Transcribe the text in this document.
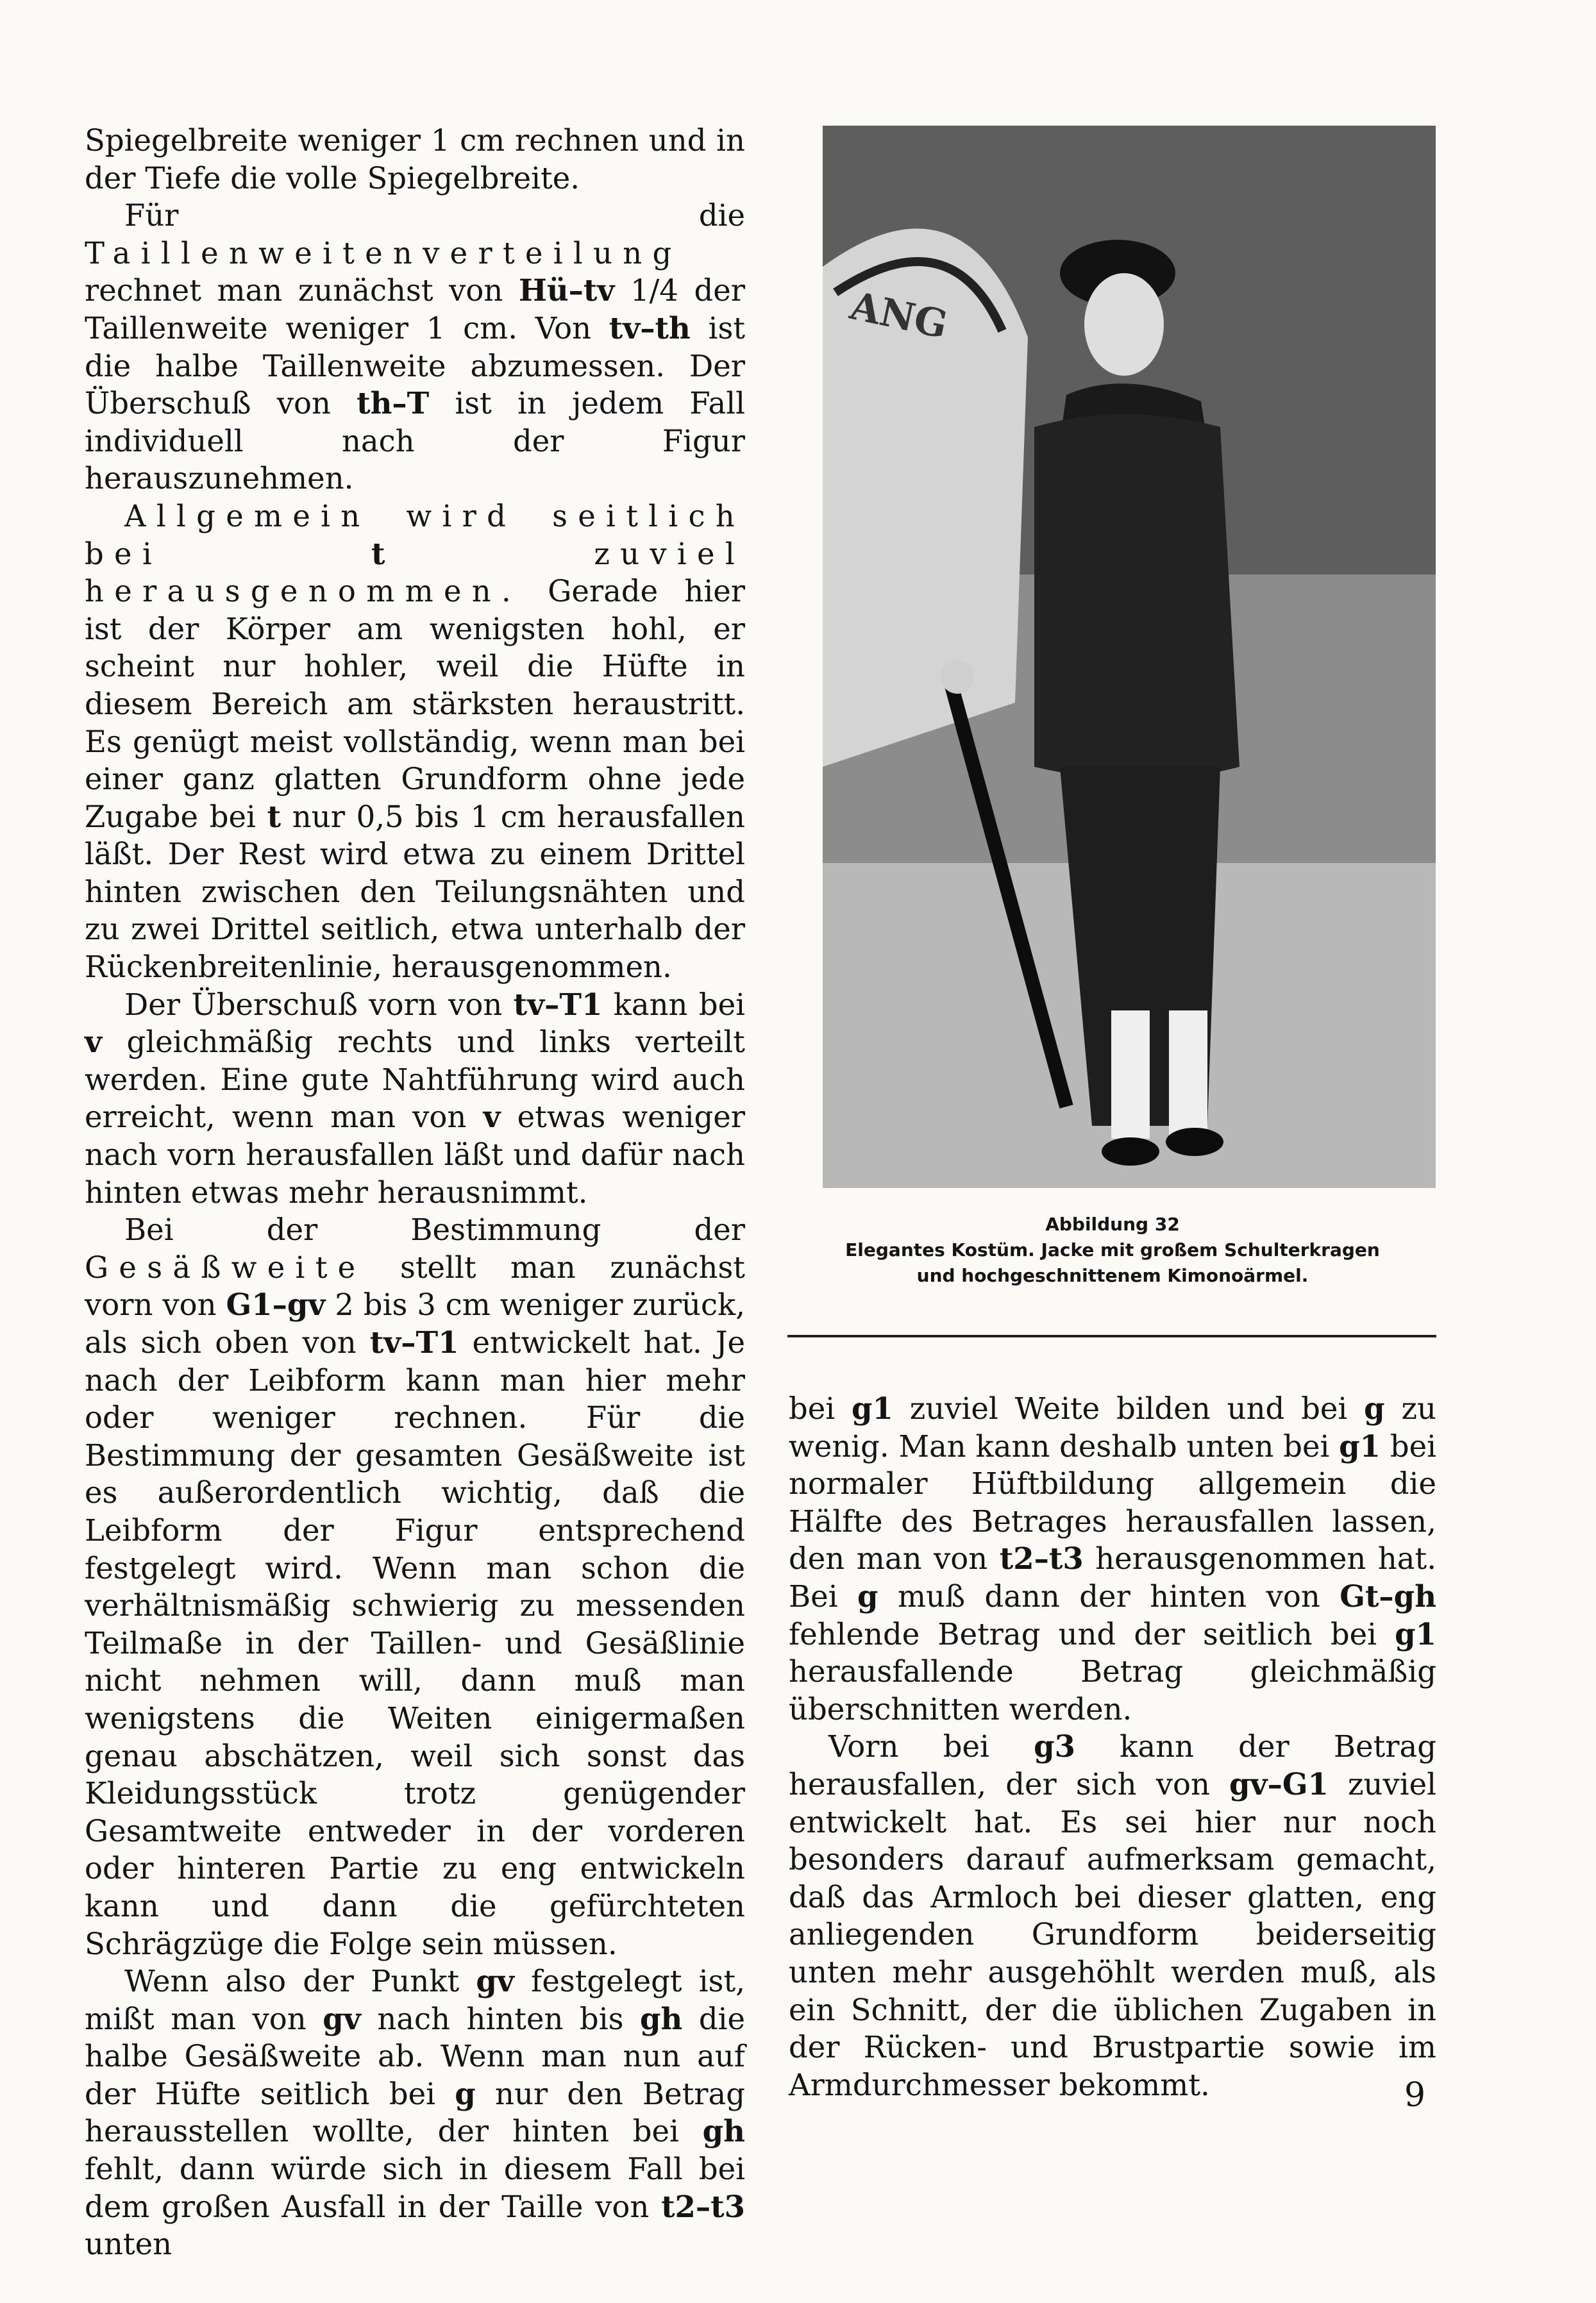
Spiegelbreite weniger 1 cm rechnen und in der Tiefe die volle Spiegelbreite.

Für die Taillenweitenverteilung rechnet man zunächst von Hü–tv 1/4 der Taillenweite weniger 1 cm. Von tv–th ist die halbe Taillenweite abzumessen. Der Überschuß von th–T ist in jedem Fall individuell nach der Figur herauszunehmen.

Allgemein wird seitlich bei t zuviel herausgenommen. Gerade hier ist der Körper am wenigsten hohl, er scheint nur hohler, weil die Hüfte in diesem Bereich am stärksten heraustritt. Es genügt meist vollständig, wenn man bei einer ganz glatten Grundform ohne jede Zugabe bei t nur 0,5 bis 1 cm herausfallen läßt. Der Rest wird etwa zu einem Drittel hinten zwischen den Teilungsnähten und zu zwei Drittel seitlich, etwa unterhalb der Rückenbreitenlinie, herausgenommen.

Der Überschuß vorn von tv–T1 kann bei v gleichmäßig rechts und links verteilt werden. Eine gute Nahtführung wird auch erreicht, wenn man von v etwas weniger nach vorn herausfallen läßt und dafür nach hinten etwas mehr herausnimmt.

Bei der Bestimmung der Gesäßweite stellt man zunächst vorn von G1–gv 2 bis 3 cm weniger zurück, als sich oben von tv–T1 entwickelt hat. Je nach der Leibform kann man hier mehr oder weniger rechnen. Für die Bestimmung der gesamten Gesäßweite ist es außerordentlich wichtig, daß die Leibform der Figur entsprechend festgelegt wird. Wenn man schon die verhältnismäßig schwierig zu messenden Teilmaße in der Taillen- und Gesäßlinie nicht nehmen will, dann muß man wenigstens die Weiten einigermaßen genau abschätzen, weil sich sonst das Kleidungsstück trotz genügender Gesamtweite entweder in der vorderen oder hinteren Partie zu eng entwickeln kann und dann die gefürchteten Schrägzüge die Folge sein müssen.

Wenn also der Punkt gv festgelegt ist, mißt man von gv nach hinten bis gh die halbe Gesäßweite ab. Wenn man nun auf der Hüfte seitlich bei g nur den Betrag herausstellen wollte, der hinten bei gh fehlt, dann würde sich in diesem Fall bei dem großen Ausfall in der Taille von t2–t3 unten

ANG
Abbildung 32
Elegantes Kostüm. Jacke mit großem Schulterkragen
und hochgeschnittenem Kimonoärmel.

bei g1 zuviel Weite bilden und bei g zu wenig. Man kann deshalb unten bei g1 bei normaler Hüftbildung allgemein die Hälfte des Betrages herausfallen lassen, den man von t2–t3 herausgenommen hat. Bei g muß dann der hinten von Gt–gh fehlende Betrag und der seitlich bei g1 herausfallende Betrag gleichmäßig überschnitten werden.

Vorn bei g3 kann der Betrag herausfallen, der sich von gv–G1 zuviel entwickelt hat. Es sei hier nur noch besonders darauf aufmerksam gemacht, daß das Armloch bei dieser glatten, eng anliegenden Grundform beiderseitig unten mehr ausgehöhlt werden muß, als ein Schnitt, der die üblichen Zugaben in der Rücken- und Brustpartie sowie im Armdurchmesser bekommt.	9
